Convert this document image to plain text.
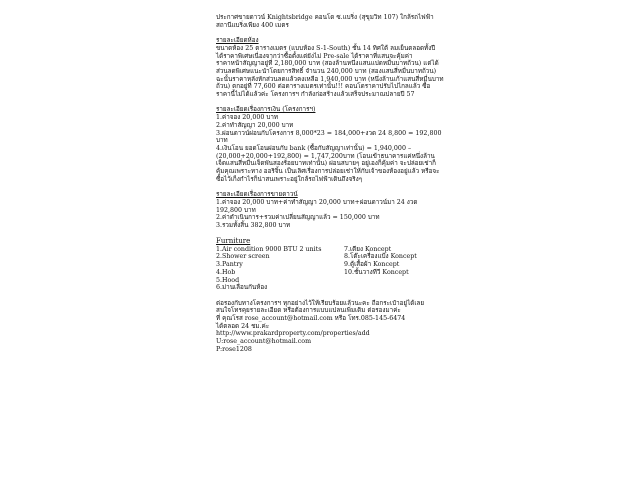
ประกาศขายดาวน์ Knightsbridge คอนโด ซ.แบริ่ง (สุขุมวิท 107) ใกล้รถไฟฟ้าสถานีแบริ่งเพียง 400 เมตร

รายละเอียดห้อง

ขนาดห้อง 25 ตารางเมตร (แบบห้อง S-1-South) ชั้น 14 ทิศใต้ ลมเย็นตลอดทั้งปี ได้ราคาพิเศษเนื่องจากว่าซื้อตั้งแต่ยังไม่ Pre-sale ได้ราคาที่แสนจะคุ้มค่า

ราคาหน้าสัญญาอยู่ที่ 2,180,000 บาท (สองล้านหนึ่งแสนแปดหมื่นบาทถ้วน) แต่ได้ส่วนลดพิเศษแนะนำโดยการสิทธิ์ จำนวน 240,000 บาท (สองแสนสี่หมื่นบาทถ้วน) ฉะนั้นราคาหลังหักส่วนลดแล้วคงเหลือ 1,940,000 บาท (หนึ่งล้านเก้าแสนสี่หมื่นบาทถ้วน) ตกอยู่ที่ 77,600 ต่อตารางเมตรเท่านั้น!!! คอนโดราคาปรับไปไกลแล้ว ซื้อราคานี้ไม่ได้แล้วค่ะ โครงการฯ กำลังก่อสร้างแล้วเสร็จประมาณปลายปี 57

รายละเอียดเรื่องการเงิน (โครงการฯ)

1.ค่าจอง 20,000 บาท

2.ค่าทำสัญญา 20,000 บาท

3.ผ่อนดาวน์ผ่อนกับโครงการ 8,000*23 = 184,000+งวด 24 8,800 = 192,800 บาท

4.เงินโอน ยอดโอนผ่อนกับ bank (ซื้อกับสัญญาเท่านั้น) = 1,940,000 – (20,000+20,000+192,800) = 1,747,200บาท (โอนเข้าธนาคารแค่หนึ่งล้านเจ็ดแสนสี่หมื่นเจ็ดพันสองร้อยบาทเท่านั้น) ผ่อนสบายๆ อยู่เองก็คุ้มค่า จะปล่อยเช่าก็คุ้มคุณเพราะทาง ออริจิ้น เป็นเลิศเรื่องการปล่อยเช่าให้กับเจ้าของห้องอยู่แล้ว หรือจะซื้อไว้เก็งกำไรก็น่าสนเพราะอยู่ใกล้รถไฟฟ้าเดินถึงจริงๆ

รายละเอียดเรื่องการขายดาวน์

1.ค่าจอง 20,000 บาท+ค่าทำสัญญา 20,000 บาท+ผ่อนดาวน์มา 24 งวด 192,800 บาท

2.ค่าดำเนินการ+รวมค่าเปลี่ยนสัญญาแล้ว = 150,000 บาท

3.รวมทั้งสิ้น 382,800 บาท

Furniture

1.Air condition 9000 BTU 2 units	7.เตียง Koncept
2.Shower screen	8.โต๊ะเครื่องแป้ง Koncept
3.Pantry	9.ตู้เสื้อผ้า Koncept
4.Hob	10.ชั้นวางทีวี Koncept
5.Hood
6.ม่านเลื่อนกันห้อง

ต่อรองกับทางโครงการฯ ทุกอย่างไว้ให้เรียบร้อยแล้วนะคะ ถือกระเป๋าอยู่ได้เลย

สนใจโทรคุยรายละเอียด หรือต้องการแบบแปลนเพิ่มเติม ต่อรองมาค่ะ

ที่ คุณโรส rose_account@hotmail.com หรือ โทร.085-145-6474

ได้ตลอด 24 ชม.ค่ะ

http://www.prakardproperty.com/properties/add

U:rose_account@hotmail.com

P:rose1208
